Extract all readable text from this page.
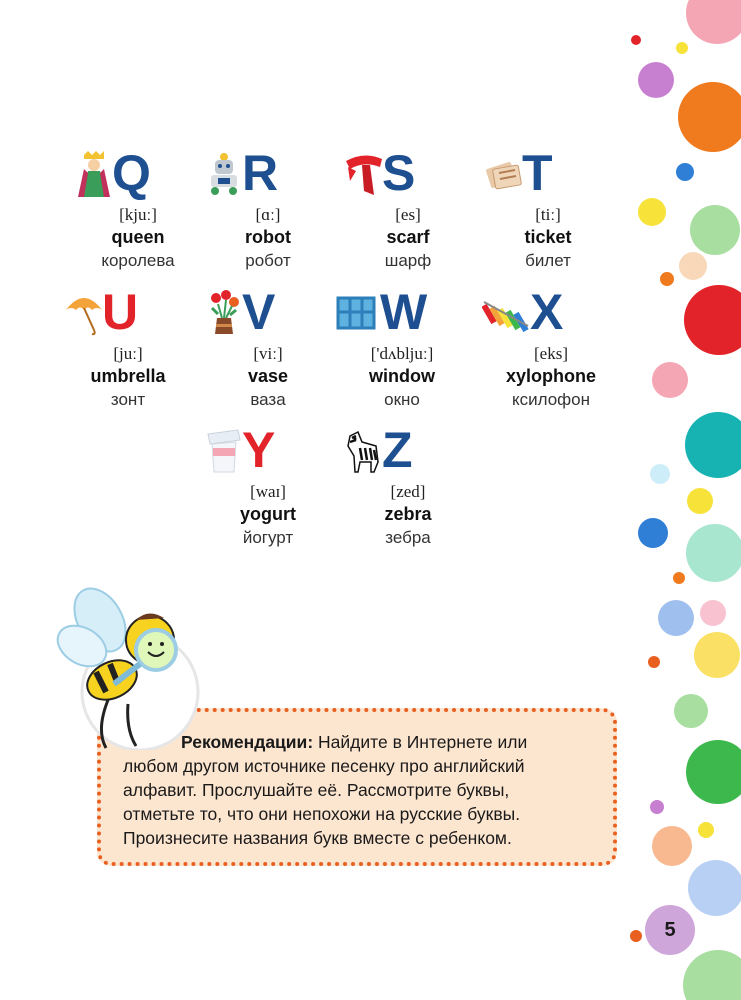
Q
[kjuː]
queen
королева
R
[ɑː]
robot
робот
S
[es]
scarf
шарф
T
[tiː]
ticket
билет
U
[juː]
umbrella
зонт
V
[viː]
vase
ваза
W
['dʌbljuː]
window
окно
X
[eks]
xylophone
ксилофон
Y
[waɪ]
yogurt
йогурт
Z
[zed]
zebra
зебра
Рекомендации: Найдите в Интернете или
любом другом источнике песенку про английский
алфавит. Прослушайте её. Рассмотрите буквы,
отметьте то, что они непохожи на русские буквы.
Произнесите названия букв вместе с ребенком.
5
